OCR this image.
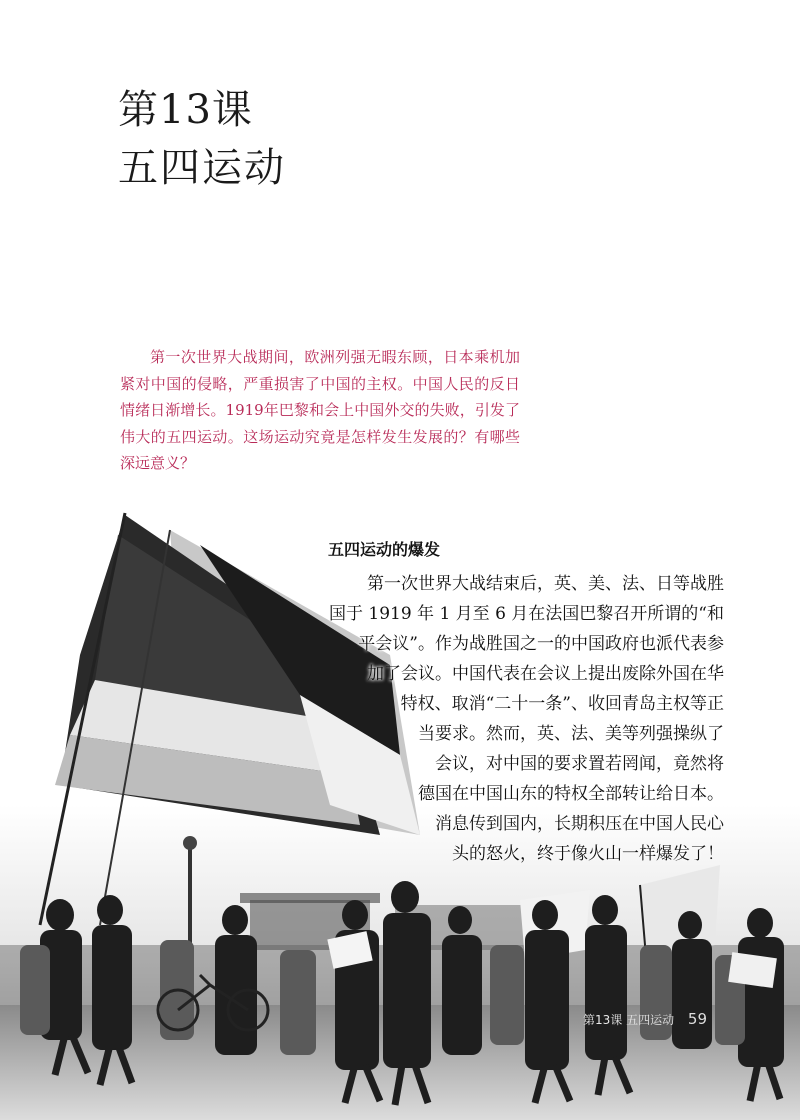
第13课
五四运动

第一次世界大战期间，欧洲列强无暇东顾，日本乘机加紧对中国的侵略，严重损害了中国的主权。中国人民的反日情绪日渐增长。1919年巴黎和会上中国外交的失败，引发了伟大的五四运动。这场运动究竟是怎样发生发展的？有哪些深远意义？

五四运动的爆发
第一次世界大战结束后，英、美、法、日等战胜
国于 1919 年 1 月至 6 月在法国巴黎召开所谓的“和
平会议”。作为战胜国之一的中国政府也派代表参
加了会议。中国代表在会议上提出废除外国在华
特权、取消“二十一条”、收回青岛主权等正
当要求。然而，英、法、美等列强操纵了
会议，对中国的要求置若罔闻，竟然将
德国在中国山东的特权全部转让给日本。
消息传到国内，长期积压在中国人民心
头的怒火，终于像火山一样爆发了！
第13课 五四运动 59
